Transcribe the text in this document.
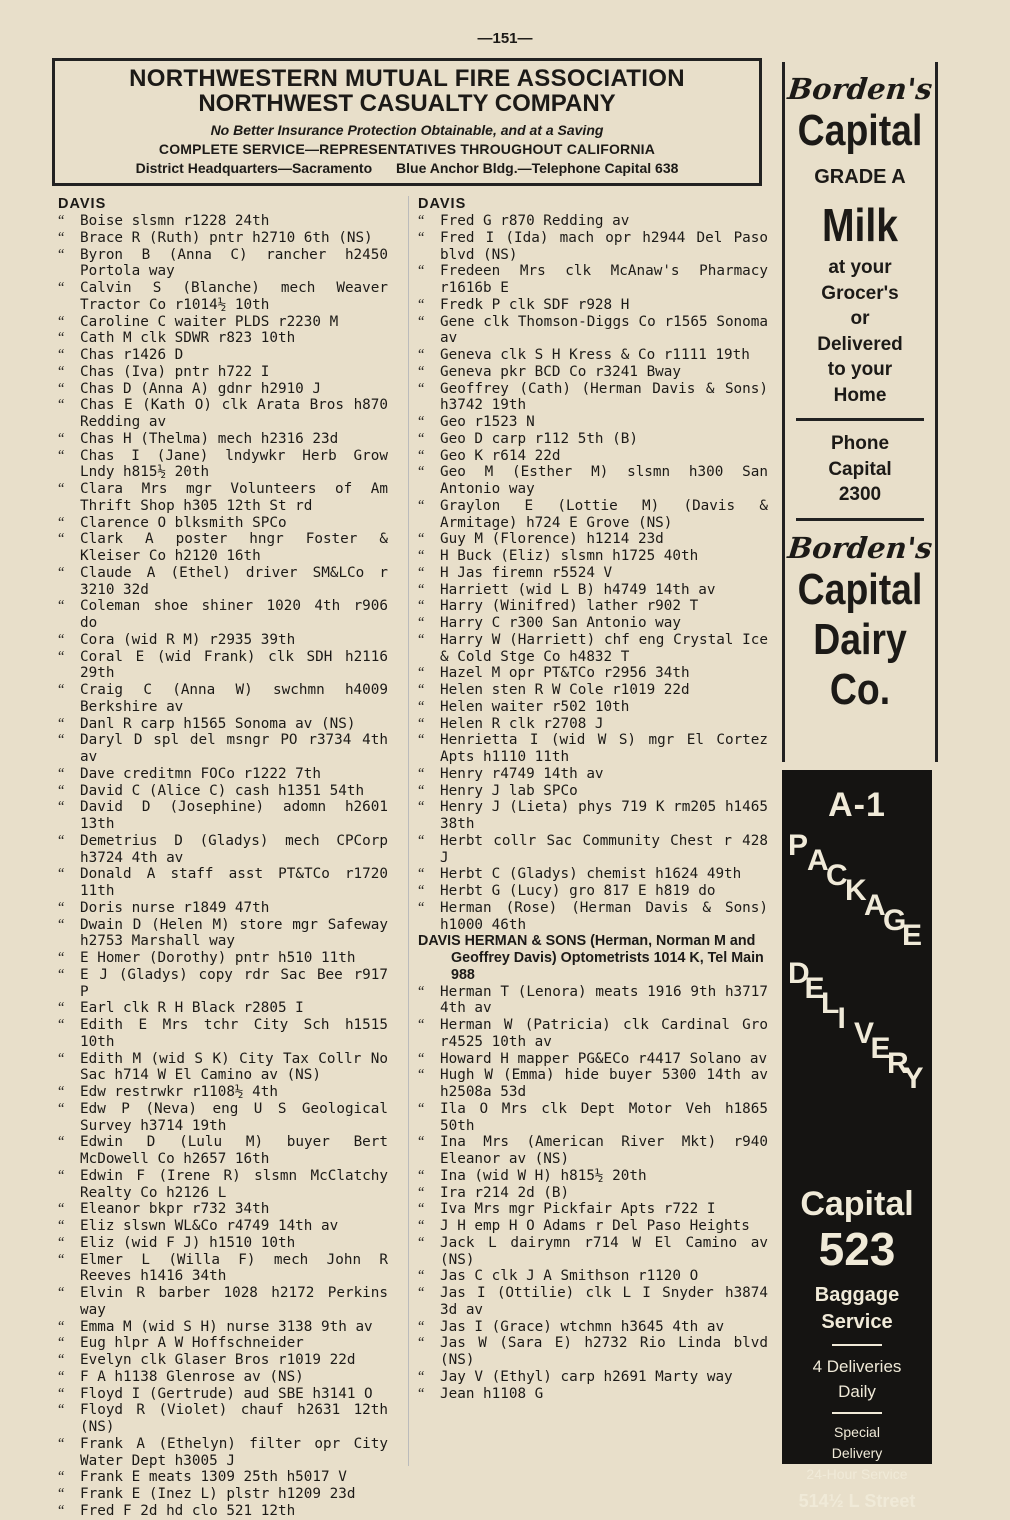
—151—
NORTHWESTERN MUTUAL FIRE ASSOCIATION
NORTHWEST CASUALTY COMPANY
No Better Insurance Protection Obtainable, and at a Saving
COMPLETE SERVICE—REPRESENTATIVES THROUGHOUT CALIFORNIA
District Headquarters—Sacramento Blue Anchor Bldg.—Telephone Capital 638
DAVIS
“ Boise slsmn r1228 24th
“ Brace R (Ruth) pntr h2710 6th (NS)
“ Byron B (Anna C) rancher h2450 Portola way
“ Calvin S (Blanche) mech Weaver Tractor Co r1014½ 10th
“ Caroline C waiter PLDS r2230 M
“ Cath M clk SDWR r823 10th
“ Chas r1426 D
“ Chas (Iva) pntr h722 I
“ Chas D (Anna A) gdnr h2910 J
“ Chas E (Kath O) clk Arata Bros h870 Redding av
“ Chas H (Thelma) mech h2316 23d
“ Chas I (Jane) lndywkr Herb Grow Lndy h815½ 20th
“ Clara Mrs mgr Volunteers of Am Thrift Shop h305 12th St rd
“ Clarence O blksmith SPCo
“ Clark A poster hngr Foster & Kleiser Co h2120 16th
“ Claude A (Ethel) driver SM&LCo r 3210 32d
“ Coleman shoe shiner 1020 4th r906 do
“ Cora (wid R M) r2935 39th
“ Coral E (wid Frank) clk SDH h2116 29th
“ Craig C (Anna W) swchmn h4009 Berkshire av
“ Danl R carp h1565 Sonoma av (NS)
“ Daryl D spl del msngr PO r3734 4th av
“ Dave creditmn FOCo r1222 7th
“ David C (Alice C) cash h1351 54th
“ David D (Josephine) adomn h2601 13th
“ Demetrius D (Gladys) mech CPCorp h3724 4th av
“ Donald A staff asst PT&TCo r1720 11th
“ Doris nurse r1849 47th
“ Dwain D (Helen M) store mgr Safeway h2753 Marshall way
“ E Homer (Dorothy) pntr h510 11th
“ E J (Gladys) copy rdr Sac Bee r917 P
“ Earl clk R H Black r2805 I
“ Edith E Mrs tchr City Sch h1515 10th
“ Edith M (wid S K) City Tax Collr No Sac h714 W El Camino av (NS)
“ Edw restrwkr r1108½ 4th
“ Edw P (Neva) eng U S Geological Survey h3714 19th
“ Edwin D (Lulu M) buyer Bert McDowell Co h2657 16th
“ Edwin F (Irene R) slsmn McClatchy Realty Co h2126 L
“ Eleanor bkpr r732 34th
“ Eliz slswn WL&Co r4749 14th av
“ Eliz (wid F J) h1510 10th
“ Elmer L (Willa F) mech John R Reeves h1416 34th
“ Elvin R barber 1028 h2172 Perkins way
“ Emma M (wid S H) nurse 3138 9th av
“ Eug hlpr A W Hoffschneider
“ Evelyn clk Glaser Bros r1019 22d
“ F A h1138 Glenrose av (NS)
“ Floyd I (Gertrude) aud SBE h3141 O
“ Floyd R (Violet) chauf h2631 12th (NS)
“ Frank A (Ethelyn) filter opr City Water Dept h3005 J
“ Frank E meats 1309 25th h5017 V
“ Frank E (Inez L) plstr h1209 23d
“ Fred F 2d hd clo 521 12th
DAVIS
“ Fred G r870 Redding av
“ Fred I (Ida) mach opr h2944 Del Paso blvd (NS)
“ Fredeen Mrs clk McAnaw's Pharmacy r1616b E
“ Fredk P clk SDF r928 H
“ Gene clk Thomson-Diggs Co r1565 Sonoma av
“ Geneva clk S H Kress & Co r1111 19th
“ Geneva pkr BCD Co r3241 Bway
“ Geoffrey (Cath) (Herman Davis & Sons) h3742 19th
“ Geo r1523 N
“ Geo D carp r112 5th (B)
“ Geo K r614 22d
“ Geo M (Esther M) slsmn h300 San Antonio way
“ Graylon E (Lottie M) (Davis & Armitage) h724 E Grove (NS)
“ Guy M (Florence) h1214 23d
“ H Buck (Eliz) slsmn h1725 40th
“ H Jas firemn r5524 V
“ Harriett (wid L B) h4749 14th av
“ Harry (Winifred) lather r902 T
“ Harry C r300 San Antonio way
“ Harry W (Harriett) chf eng Crystal Ice & Cold Stge Co h4832 T
“ Hazel M opr PT&TCo r2956 34th
“ Helen sten R W Cole r1019 22d
“ Helen waiter r502 10th
“ Helen R clk r2708 J
“ Henrietta I (wid W S) mgr El Cortez Apts h1110 11th
“ Henry r4749 14th av
“ Henry J lab SPCo
“ Henry J (Lieta) phys 719 K rm205 h1465 38th
“ Herbt collr Sac Community Chest r 428 J
“ Herbt C (Gladys) chemist h1624 49th
“ Herbt G (Lucy) gro 817 E h819 do
“ Herman (Rose) (Herman Davis & Sons) h1000 46th
DAVIS HERMAN & SONS (Herman, Norman M and Geoffrey Davis) Optometrists 1014 K, Tel Main 988
“ Herman T (Lenora) meats 1916 9th h3717 4th av
“ Herman W (Patricia) clk Cardinal Gro r4525 10th av
“ Howard H mapper PG&ECo r4417 Solano av
“ Hugh W (Emma) hide buyer 5300 14th av h2508a 53d
“ Ila O Mrs clk Dept Motor Veh h1865 50th
“ Ina Mrs (American River Mkt) r940 Eleanor av (NS)
“ Ina (wid W H) h815½ 20th
“ Ira r214 2d (B)
“ Iva Mrs mgr Pickfair Apts r722 I
“ J H emp H O Adams r Del Paso Heights
“ Jack L dairymn r714 W El Camino av (NS)
“ Jas C clk J A Smithson r1120 O
“ Jas I (Ottilie) clk L I Snyder h3874 3d av
“ Jas I (Grace) wtchmn h3645 4th av
“ Jas W (Sara E) h2732 Rio Linda blvd (NS)
“ Jay V (Ethyl) carp h2691 Marty way
“ Jean h1108 G
Borden's
Capital
GRADE A
Milk
at your
Grocer's
or
Delivered
to your
Home
Phone
Capital
2300
Borden's
Capital
Dairy
Co.
A-1
P
A
C
K
A
G
E
D
E
L
I V
E
R
Y
Capital
523
Baggage
Service
4 Deliveries
Daily
Special
Delivery
24-Hour Service
514½ L Street
